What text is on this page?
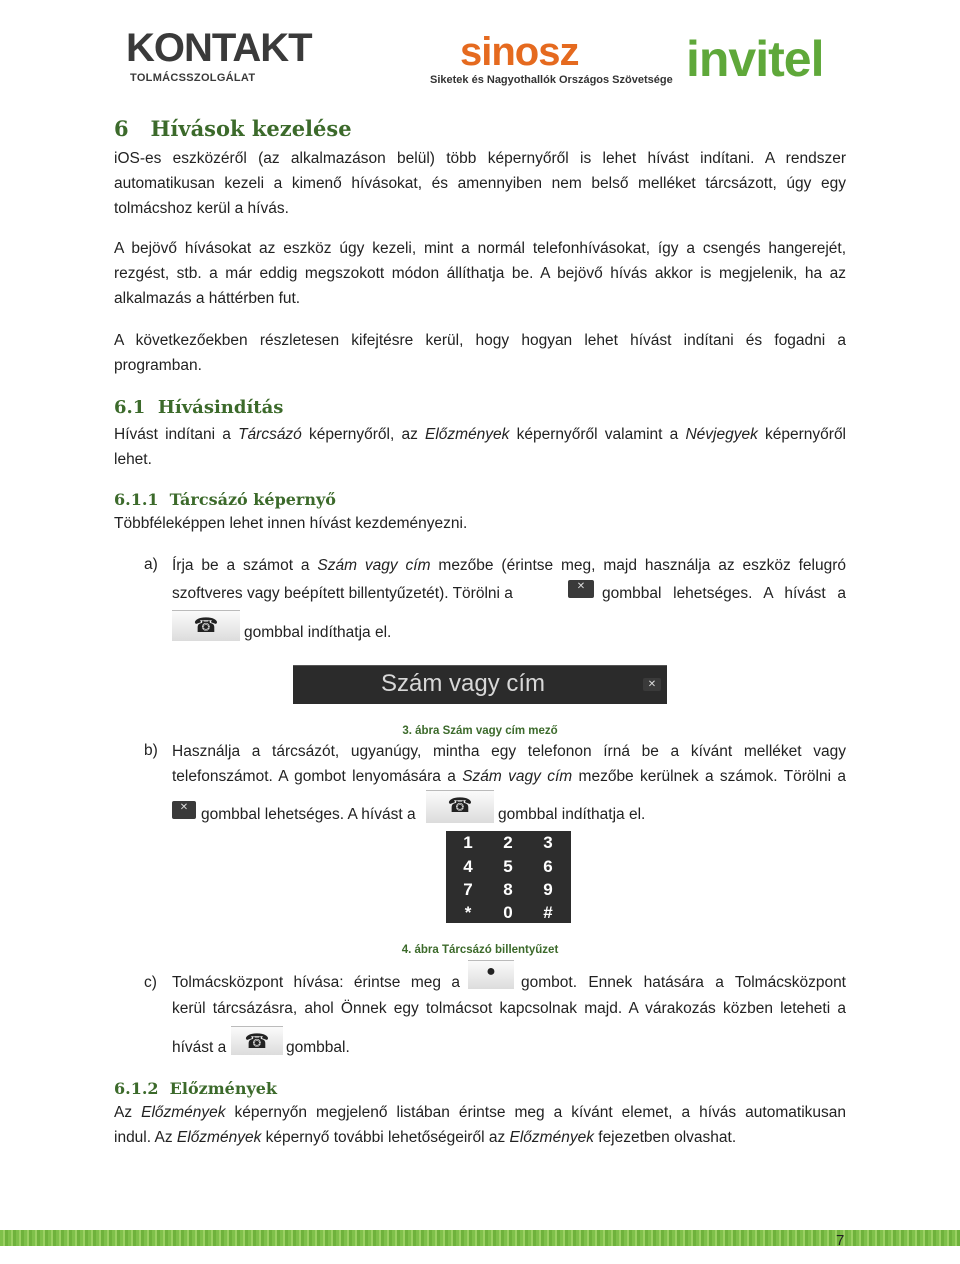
KONTAKT
TOLMÁCSSZOLGÁLAT
sinosz
Siketek és Nagyothallók Országos Szövetsége invitel
6   Hívások kezelése
iOS-es eszközéről (az alkalmazáson belül) több képernyőről is lehet hívást indítani. A rendszer
automatikusan kezeli a kimenő hívásokat, és amennyiben nem belső melléket tárcsázott, úgy egy
tolmácshoz kerül a hívás.
A bejövő hívásokat az eszköz úgy kezeli, mint a normál telefonhívásokat, így a csengés hangerejét,
rezgést, stb. a már eddig megszokott módon állíthatja be. A bejövő hívás akkor is megjelenik, ha az
alkalmazás a háttérben fut.
A következőekben részletesen kifejtésre kerül, hogy hogyan lehet hívást indítani és fogadni a
programban.
6.1  Hívásindítás
Hívást indítani a Tárcsázó képernyőről, az Előzmények képernyőről valamint a Névjegyek képernyőről
lehet.
6.1.1  Tárcsázó képernyő
Többféleképpen lehet innen hívást kezdeményezni.
a) Írja be a számot a Szám vagy cím mezőbe (érintse meg, majd használja az eszköz felugró
szoftveres vagy beépített billentyűzetét). Törölni a
✕	gombbal lehetséges. A hívást a
☎	gombbal indíthatja el.
Szám vagy cím
✕
3. ábra Szám vagy cím mező
b) Használja a tárcsázót, ugyanúgy, mintha egy telefonon írná be a kívánt melléket vagy
telefonszámot. A gombot lenyomására a Szám vagy cím mezőbe kerülnek a számok. Törölni a
✕
gombbal lehetséges. A hívást a	☎	gombbal indíthatja el.
1	2	3
4	5	6
7	8	9
*	0	#
4. ábra Tárcsázó billentyűzet
c) Tolmácsközpont hívása: érintse meg a
●
gombot. Ennek hatására a Tolmácsközpont
kerül tárcsázásra, ahol Önnek egy tolmácsot kapcsolnak majd. A várakozás közben leteheti a
hívást a ☎	gombbal.
6.1.2  Előzmények
Az Előzmények képernyőn megjelenő listában érintse meg a kívánt elemet, a hívás automatikusan
indul. Az Előzmények képernyő további lehetőségeiről az Előzmények fejezetben olvashat.
7
